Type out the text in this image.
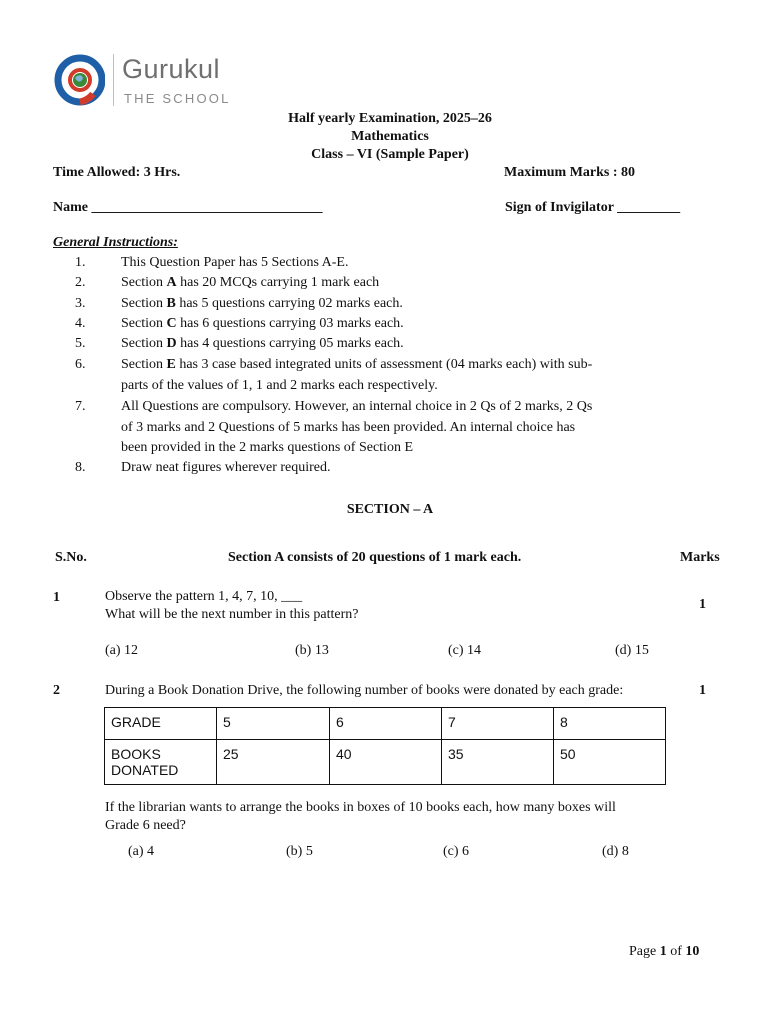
Gurukul
THE SCHOOL
Half yearly Examination, 2025–26
Mathematics
Class – VI (Sample Paper)
Time Allowed: 3 Hrs.	Maximum Marks : 80
Name _________________________________	Sign of Invigilator _________
General Instructions:
1.	This Question Paper has 5 Sections A-E.
2.	Section A has 20 MCQs carrying 1 mark each
3.	Section B has 5 questions carrying 02 marks each.
4.	Section C has 6 questions carrying 03 marks each.
5.	Section D has 4 questions carrying 05 marks each.
6.	Section E has 3 case based integrated units of assessment (04 marks each) with sub-
parts of the values of 1, 1 and 2 marks each respectively.
7.	All Questions are compulsory. However, an internal choice in 2 Qs of 2 marks, 2 Qs
of 3 marks and 2 Questions of 5 marks has been provided. An internal choice has
been provided in the 2 marks questions of Section E
8.	Draw neat figures wherever required.
SECTION – A
S.No.	Section A consists of 20 questions of 1 mark each.	Marks
1	Observe the pattern 1, 4, 7, 10, ___
What will be the next number in this pattern?
1
(a) 12	(b) 13	(c) 14	(d) 15
2	During a Book Donation Drive, the following number of books were donated by each grade:	1
GRADE	5	6	7	8
BOOKS
DONATED	25	40	35	50
If the librarian wants to arrange the books in boxes of 10 books each, how many boxes will
Grade 6 need?
(a) 4	(b) 5	(c) 6	(d) 8
Page 1 of 10
